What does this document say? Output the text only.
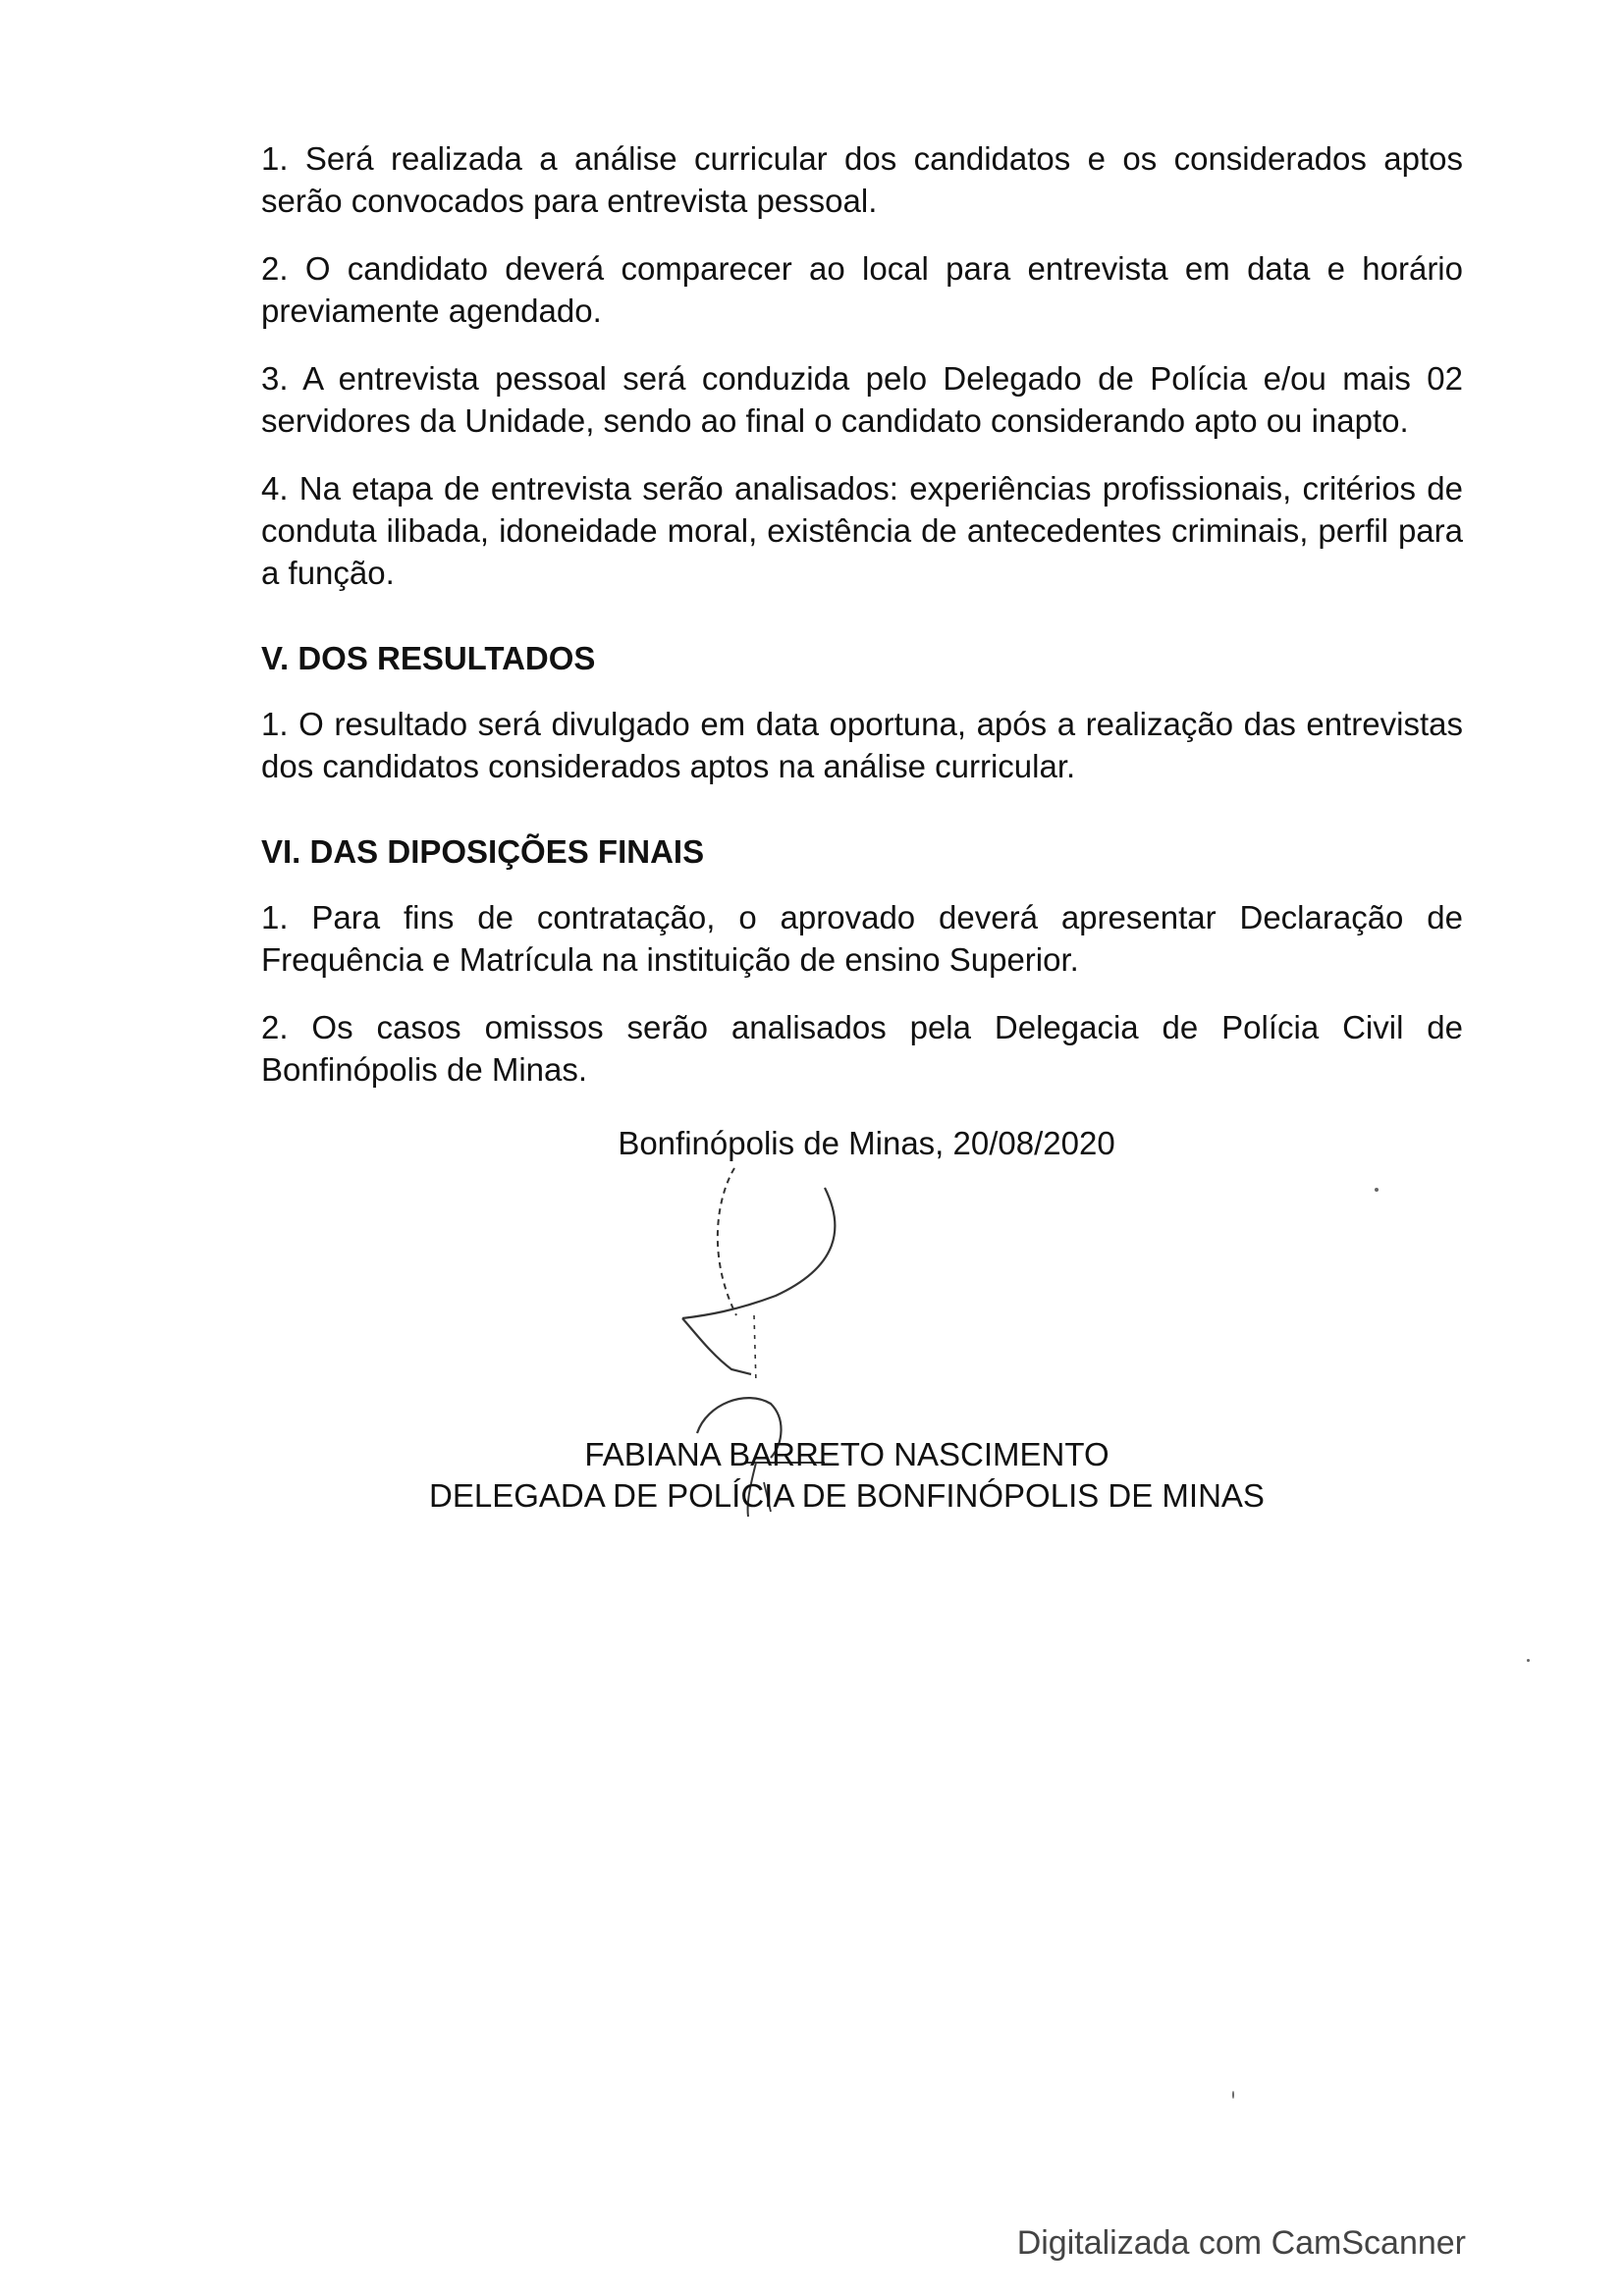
1. Será realizada a análise curricular dos candidatos e os considerados aptos serão convocados para entrevista pessoal.

2. O candidato deverá comparecer ao local para entrevista em data e horário previamente agendado.

3. A entrevista pessoal será conduzida pelo Delegado de Polícia e/ou mais 02 servidores da Unidade, sendo ao final o candidato considerando apto ou inapto.

4. Na etapa de entrevista serão analisados: experiências profissionais, critérios de conduta ilibada, idoneidade moral, existência de antecedentes criminais, perfil para a função.

V. DOS RESULTADOS

1. O resultado será divulgado em data oportuna, após a realização das entrevistas dos candidatos considerados aptos na análise curricular.

VI. DAS DIPOSIÇÕES FINAIS

1. Para fins de contratação, o aprovado deverá apresentar Declaração de Frequência e Matrícula na instituição de ensino Superior.

2. Os casos omissos serão analisados pela Delegacia de Polícia Civil de Bonfinópolis de Minas.

Bonfinópolis de Minas, 20/08/2020
FABIANA BARRETO NASCIMENTO
DELEGADA DE POLÍCIA DE BONFINÓPOLIS DE MINAS
Digitalizada com CamScanner
